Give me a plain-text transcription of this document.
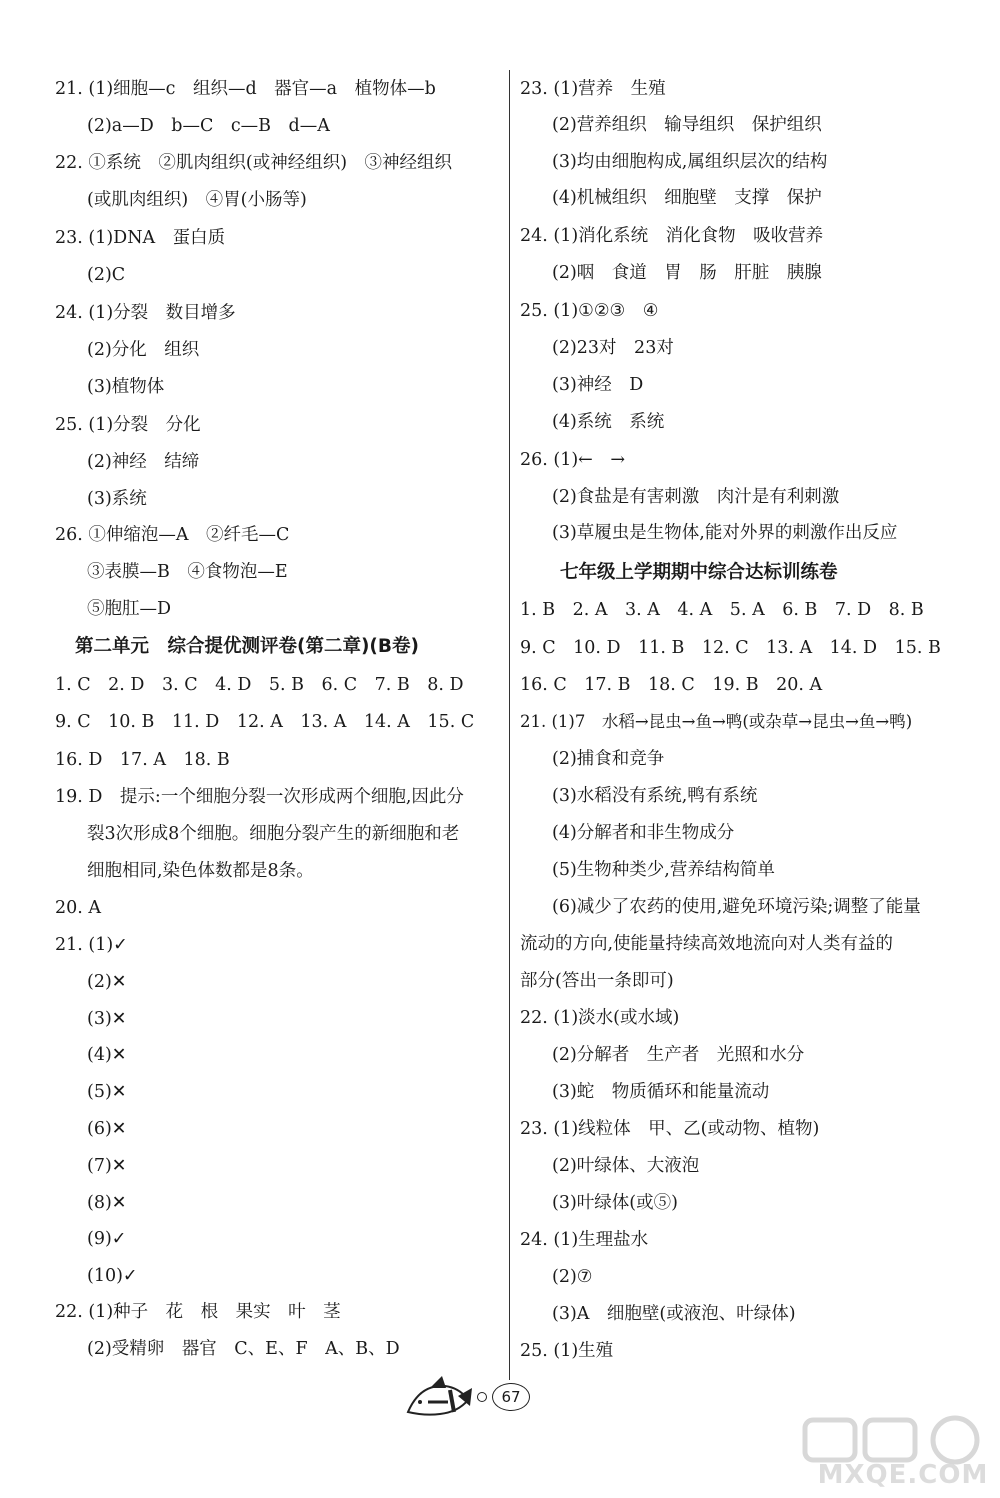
21. (1)细胞—c　组织—d　器官—a　植物体—b
(2)a—D　b—C　c—B　d—A
22. ①系统　②肌肉组织(或神经组织)　③神经组织
(或肌肉组织)　④胃(小肠等)
23. (1)DNA　蛋白质
(2)C
24. (1)分裂　数目增多
(2)分化　组织
(3)植物体
25. (1)分裂　分化
(2)神经　结缔
(3)系统
26. ①伸缩泡—A　②纤毛—C
③表膜—B　④食物泡—E
⑤胞肛—D
第二单元　综合提优测评卷(第二章)(B卷)
1. C　2. D　3. C　4. D　5. B　6. C　7. B　8. D
9. C　10. B　11. D　12. A　13. A　14. A　15. C
16. D　17. A　18. B
19. D　提示:一个细胞分裂一次形成两个细胞,因此分
裂3次形成8个细胞。细胞分裂产生的新细胞和老
细胞相同,染色体数都是8条。
20. A
21. (1)✓
(2)✕
(3)✕
(4)✕
(5)✕
(6)✕
(7)✕
(8)✕
(9)✓
(10)✓
22. (1)种子　花　根　果实　叶　茎
(2)受精卵　器官　C、E、F　A、B、D
23. (1)营养　生殖
(2)营养组织　输导组织　保护组织
(3)均由细胞构成,属组织层次的结构
(4)机械组织　细胞壁　支撑　保护
24. (1)消化系统　消化食物　吸收营养
(2)咽　食道　胃　肠　肝脏　胰腺
25. (1)①②③　④
(2)23对　23对
(3)神经　D
(4)系统　系统
26. (1)←　→
(2)食盐是有害刺激　肉汁是有利刺激
(3)草履虫是生物体,能对外界的刺激作出反应
七年级上学期期中综合达标训练卷
1. B　2. A　3. A　4. A　5. A　6. B　7. D　8. B
9. C　10. D　11. B　12. C　13. A　14. D　15. B
16. C　17. B　18. C　19. B　20. A
21. (1)7　水稻→昆虫→鱼→鸭(或杂草→昆虫→鱼→鸭)
(2)捕食和竞争
(3)水稻没有系统,鸭有系统
(4)分解者和非生物成分
(5)生物种类少,营养结构简单
(6)减少了农药的使用,避免环境污染;调整了能量
流动的方向,使能量持续高效地流向对人类有益的
部分(答出一条即可)
22. (1)淡水(或水域)
(2)分解者　生产者　光照和水分
(3)蛇　物质循环和能量流动
23. (1)线粒体　甲、乙(或动物、植物)
(2)叶绿体、大液泡
(3)叶绿体(或⑤)
24. (1)生理盐水
(2)⑦
(3)A　细胞壁(或液泡、叶绿体)
25. (1)生殖
67
MXQE.COM
